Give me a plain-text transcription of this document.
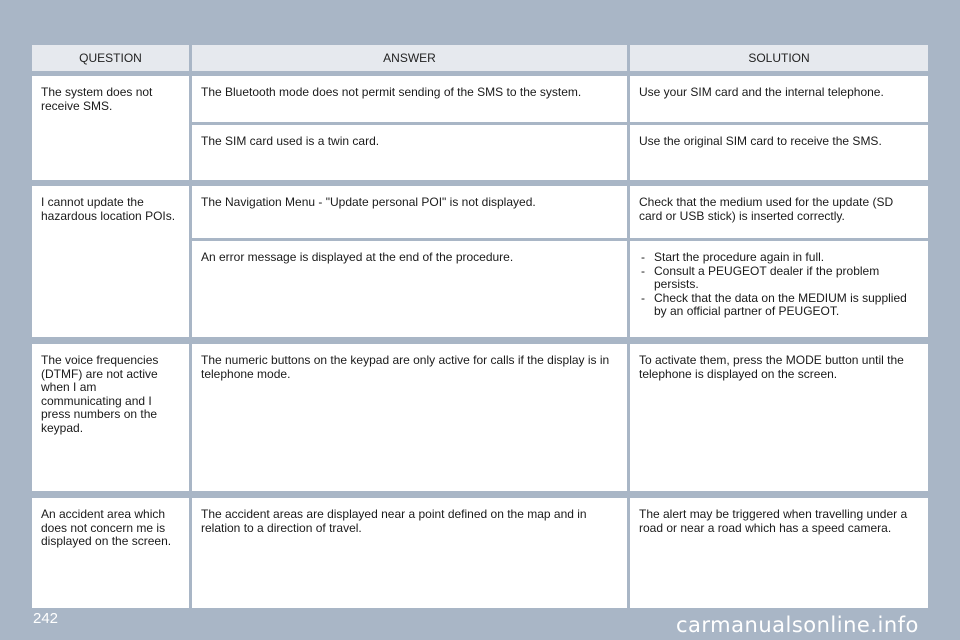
QUESTION	ANSWER	SOLUTION
The system does not receive SMS.
The Bluetooth mode does not permit sending of the SMS to the system.	Use your SIM card and the internal telephone.
The SIM card used is a twin card.	Use the original SIM card to receive the SMS.
I cannot update the hazardous location POIs.
The Navigation Menu - "Update personal POI" is not displayed.	Check that the medium used for the update (SD card or USB stick) is inserted correctly.
An error message is displayed at the end of the procedure.
-	Start the procedure again in full.
- Consult a PEUGEOT dealer if the problem persists.
- Check that the data on the MEDIUM is supplied by an official partner of PEUGEOT.
The voice frequencies (DTMF) are not active when I am communicating and I press numbers on the keypad.
The numeric buttons on the keypad are only active for calls if the display is in telephone mode.
To activate them, press the MODE button until the telephone is displayed on the screen.
An accident area which does not concern me is displayed on the screen.
The accident areas are displayed near a point defined on the map and in relation to a direction of travel.
The alert may be triggered when travelling under a road or near a road which has a speed camera.
242	carmanualsonline.info
